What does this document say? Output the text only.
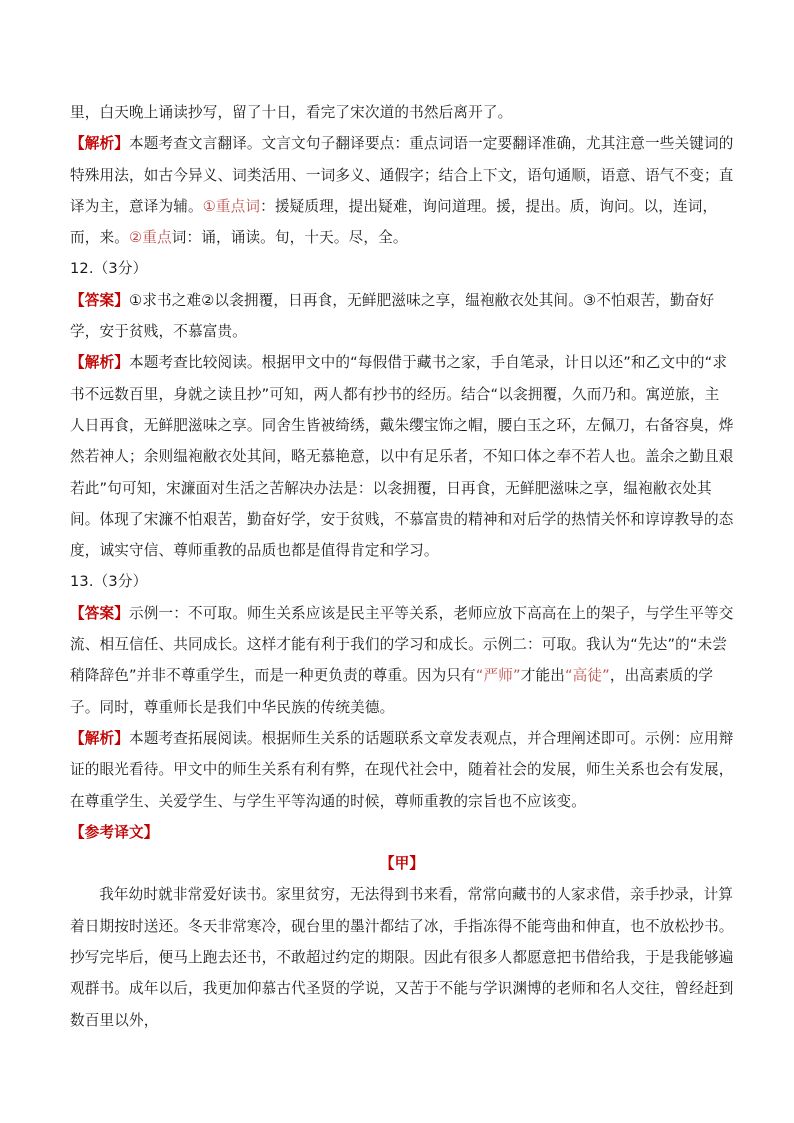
里，白天晚上诵读抄写，留了十日，看完了宋次道的书然后离开了。

【解析】本题考查文言翻译。文言文句子翻译要点：重点词语一定要翻译准确，尤其注意一些关键词的特殊用法，如古今异义、词类活用、一词多义、通假字；结合上下文，语句通顺，语意、语气不变；直译为主，意译为辅。①重点词：援疑质理，提出疑难，询问道理。援，提出。质，询问。以，连词，而，来。②重点词：诵，诵读。旬，十天。尽，全。

12.（3分）

【答案】①求书之难②以衾拥覆，日再食，无鲜肥滋味之享，缊袍敝衣处其间。③不怕艰苦，勤奋好学，安于贫贱，不慕富贵。

【解析】本题考查比较阅读。根据甲文中的“每假借于藏书之家，手自笔录，计日以还”和乙文中的“求书不远数百里，身就之读且抄”可知，两人都有抄书的经历。结合“以衾拥覆，久而乃和。寓逆旅，主人日再食，无鲜肥滋味之享。同舍生皆被绮绣，戴朱缨宝饰之帽，腰白玉之环，左佩刀，右备容臭，烨然若神人；余则缊袍敝衣处其间，略无慕艳意，以中有足乐者，不知口体之奉不若人也。盖余之勤且艰若此”句可知，宋濂面对生活之苦解决办法是：以衾拥覆，日再食，无鲜肥滋味之享，缊袍敝衣处其间。体现了宋濂不怕艰苦，勤奋好学，安于贫贱，不慕富贵的精神和对后学的热情关怀和谆谆教导的态度，诚实守信、尊师重教的品质也都是值得肯定和学习。

13.（3分）

【答案】示例一：不可取。师生关系应该是民主平等关系，老师应放下高高在上的架子，与学生平等交流、相互信任、共同成长。这样才能有利于我们的学习和成长。示例二：可取。我认为“先达”的“未尝稍降辞色”并非不尊重学生，而是一种更负责的尊重。因为只有“严师”才能出“高徒”，出高素质的学子。同时，尊重师长是我们中华民族的传统美德。

【解析】本题考查拓展阅读。根据师生关系的话题联系文章发表观点，并合理阐述即可。示例：应用辩证的眼光看待。甲文中的师生关系有利有弊，在现代社会中，随着社会的发展，师生关系也会有发展，在尊重学生、关爱学生、与学生平等沟通的时候，尊师重教的宗旨也不应该变。

【参考译文】

【甲】

我年幼时就非常爱好读书。家里贫穷，无法得到书来看，常常向藏书的人家求借，亲手抄录，计算着日期按时送还。冬天非常寒冷，砚台里的墨汁都结了冰，手指冻得不能弯曲和伸直，也不放松抄书。抄写完毕后，便马上跑去还书，不敢超过约定的期限。因此有很多人都愿意把书借给我，于是我能够遍观群书。成年以后，我更加仰慕古代圣贤的学说，又苦于不能与学识渊博的老师和名人交往，曾经赶到数百里以外，
